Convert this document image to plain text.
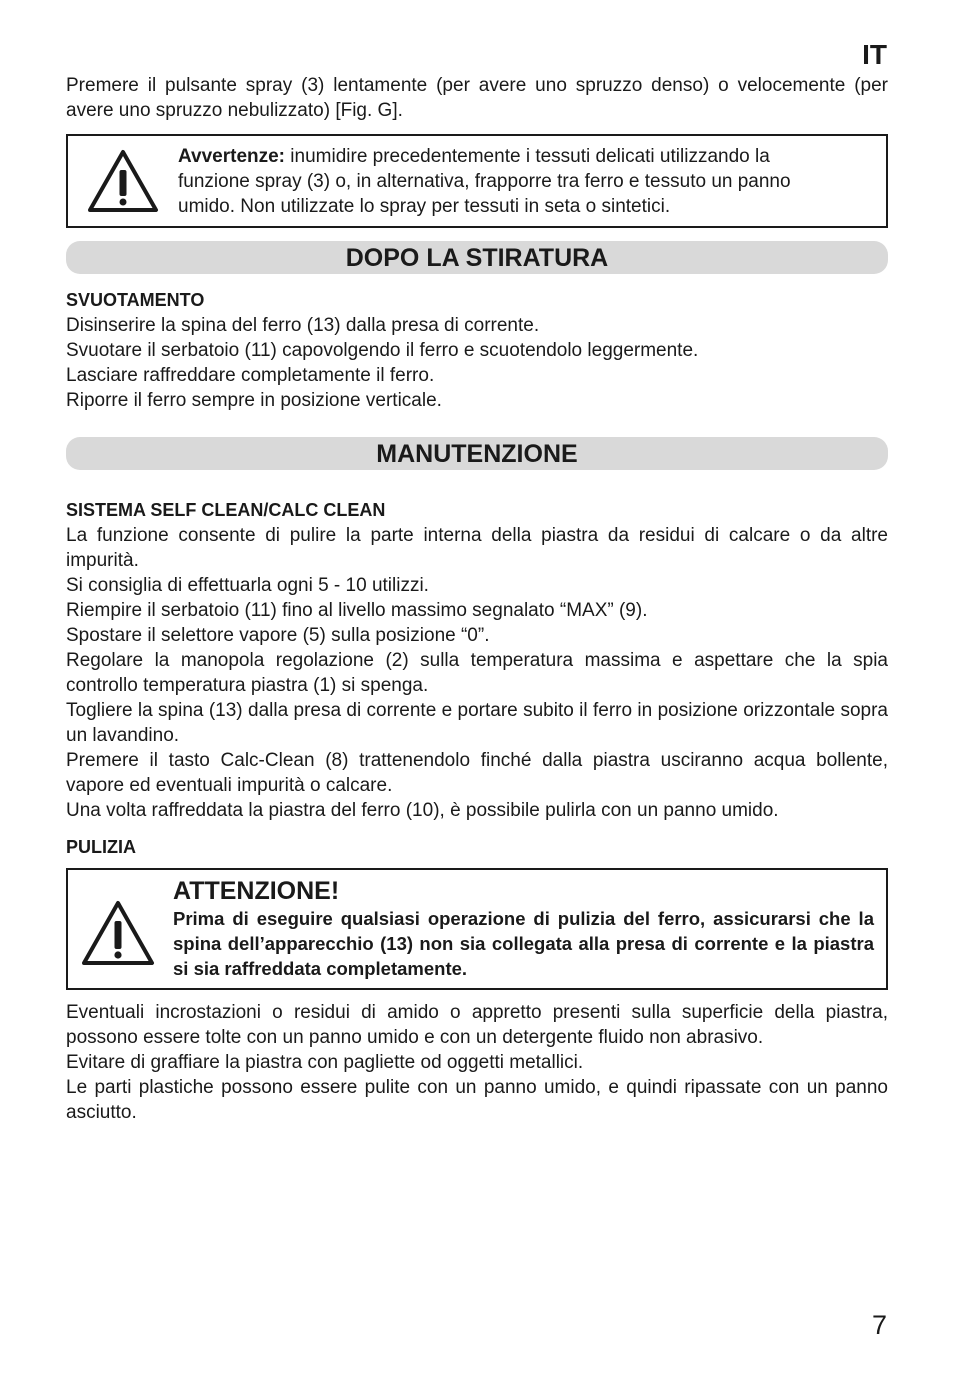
IT

Premere il pulsante spray (3) lentamente (per avere uno spruzzo denso) o velocemente (per avere uno spruzzo nebulizzato) [Fig. G].

Avvertenze: inumidire precedentemente i tessuti delicati utilizzando la funzione spray (3) o, in alternativa, frapporre tra ferro e tessuto un panno umido. Non utilizzate lo spray per tessuti in seta o sintetici.

DOPO LA STIRATURA

SVUOTAMENTO

Disinserire la spina del ferro (13) dalla presa di corrente.

Svuotare il serbatoio (11) capovolgendo il ferro e scuotendolo leggermente.

Lasciare raffreddare completamente il ferro.

Riporre il ferro sempre in posizione verticale.

MANUTENZIONE

SISTEMA SELF CLEAN/CALC CLEAN

La funzione consente di pulire la parte interna della piastra da residui di calcare o da altre impurità.

Si consiglia di effettuarla ogni 5 - 10 utilizzi.

Riempire il serbatoio (11) fino al livello massimo segnalato “MAX” (9).

Spostare il selettore vapore (5) sulla posizione “0”.

Regolare la manopola regolazione (2) sulla temperatura massima e aspettare che la spia controllo temperatura piastra (1) si spenga.

Togliere la spina (13) dalla presa di corrente e portare subito il ferro in posizione orizzontale sopra un lavandino.

Premere il tasto Calc-Clean (8) trattenendolo finché dalla piastra usciranno acqua bollente, vapore ed eventuali impurità o calcare.

Una volta raffreddata la piastra del ferro (10), è possibile pulirla con un panno umido.

PULIZIA

ATTENZIONE!

Prima di eseguire qualsiasi operazione di pulizia del ferro, assicurarsi che la spina dell’apparecchio (13) non sia collegata alla presa di corrente e la piastra si sia raffreddata completamente.

Eventuali incrostazioni o residui di amido o appretto presenti sulla superficie della piastra, possono essere tolte con un panno umido e con un detergente fluido non abrasivo.

Evitare di graffiare la piastra con pagliette od oggetti metallici.

Le parti plastiche possono essere pulite con un panno umido, e quindi ripassate con un panno asciutto.

7
